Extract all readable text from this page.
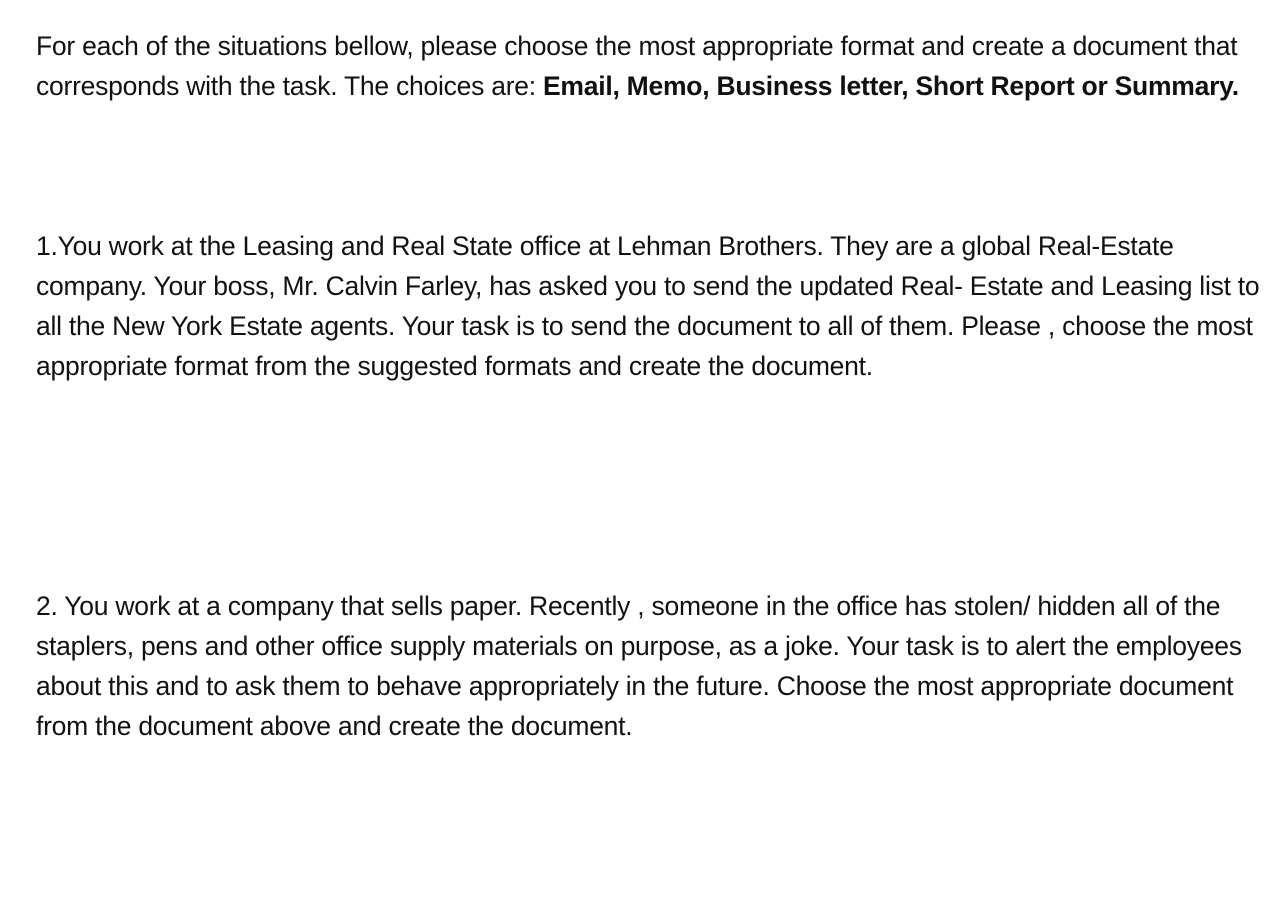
For each of the situations bellow, please choose the most appropriate format and create a document that corresponds with the task. The choices are: Email, Memo, Business letter, Short Report or Summary.

1.You work at the Leasing and Real State office at Lehman Brothers. They are a global Real-Estate company. Your boss, Mr. Calvin Farley, has asked you to send the updated Real- Estate and Leasing list to all the New York Estate agents. Your task is to send the document to all of them. Please , choose the most appropriate format from the suggested formats and create the document.

2. You work at a company that sells paper. Recently , someone in the office has stolen/ hidden all of the staplers, pens and other office supply materials on purpose, as a joke. Your task is to alert the employees about this and to ask them to behave appropriately in the future. Choose the most appropriate document from the document above and create the document.
